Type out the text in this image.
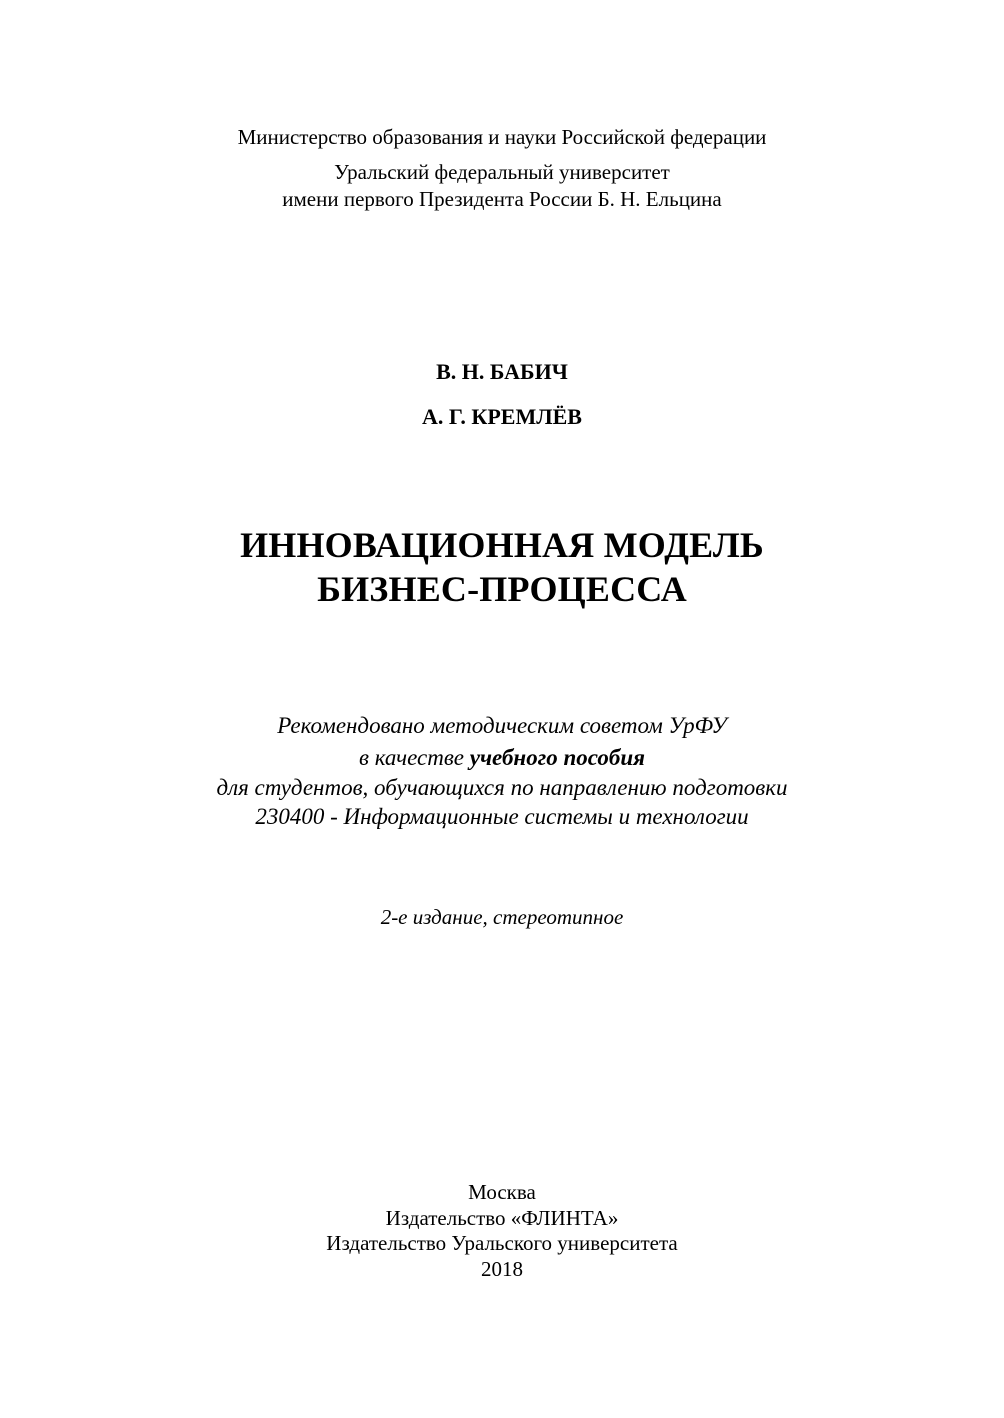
Министерство образования и науки Российской федерации
Уральский федеральный университет
имени первого Президента России Б. Н. Ельцина
В. Н. БАБИЧ
А. Г. КРЕМЛЁВ
ИННОВАЦИОННАЯ МОДЕЛЬ
БИЗНЕС-ПРОЦЕССА
Рекомендовано методическим советом УрФУ
в качестве учебного пособия
для студентов, обучающихся по направлению подготовки
230400 - Информационные системы и технологии
2-е издание, стереотипное
Москва
Издательство «ФЛИНТА»
Издательство Уральского университета
2018
